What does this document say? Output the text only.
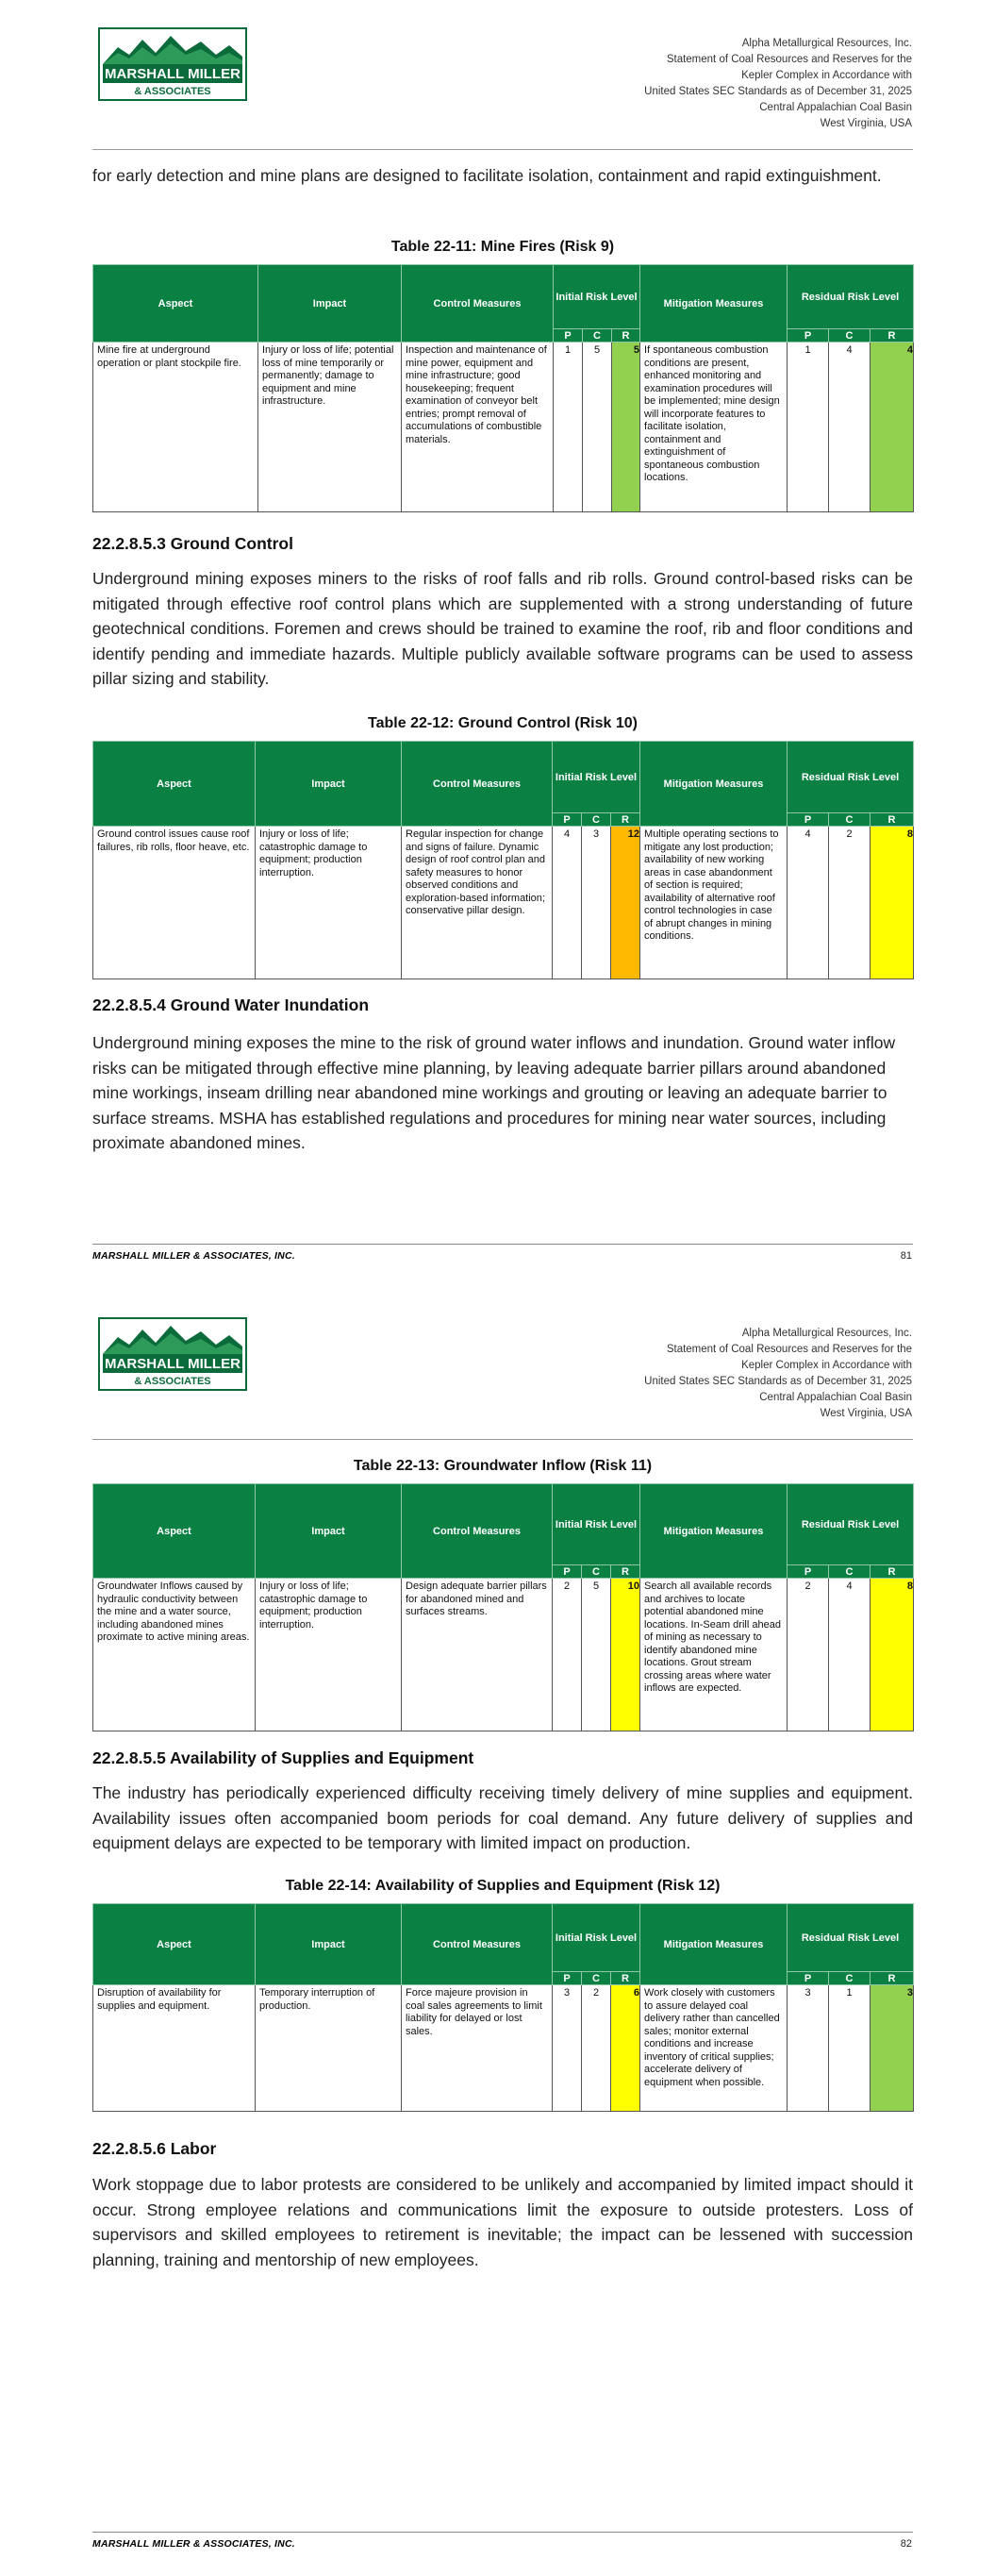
MARSHALL MILLER
& ASSOCIATES
Alpha Metallurgical Resources, Inc.
Statement of Coal Resources and Reserves for the
Kepler Complex in Accordance with
United States SEC Standards as of December 31, 2025
Central Appalachian Coal Basin
West Virginia, USA
for early detection and mine plans are designed to facilitate isolation, containment and rapid extinguishment.
Table 22-11: Mine Fires (Risk 9)
Aspect	Impact	Control Measures	Initial Risk Level			Mitigation Measures	Residual Risk Level		
			P	C	R		P	C	R
Mine fire at underground operation or plant stockpile fire.	Injury or loss of life; potential loss of mine temporarily or permanently; damage to equipment and mine infrastructure.	Inspection and maintenance of mine power, equipment and mine infrastructure; good housekeeping; frequent examination of conveyor belt entries; prompt removal of accumulations of combustible materials.	1	5	5	If spontaneous combustion conditions are present, enhanced monitoring and examination procedures will be implemented; mine design will incorporate features to facilitate isolation, containment and extinguishment of spontaneous combustion locations.	1	4	4
22.2.8.5.3 Ground Control
Underground mining exposes miners to the risks of roof falls and rib rolls. Ground control-based risks can be mitigated through effective roof control plans which are supplemented with a strong understanding of future geotechnical conditions. Foremen and crews should be trained to examine the roof, rib and floor conditions and identify pending and immediate hazards. Multiple publicly available software programs can be used to assess pillar sizing and stability.
Table 22-12: Ground Control (Risk 10)
Aspect	Impact	Control Measures	Initial Risk Level			Mitigation Measures	Residual Risk Level		
			P	C	R		P	C	R
Ground control issues cause roof failures, rib rolls, floor heave, etc.	Injury or loss of life; catastrophic damage to equipment; production interruption.	Regular inspection for change and signs of failure. Dynamic design of roof control plan and safety measures to honor observed conditions and exploration-based information; conservative pillar design.	4	3	12	Multiple operating sections to mitigate any lost production; availability of new working areas in case abandonment of section is required; availability of alternative roof control technologies in case of abrupt changes in mining conditions.	4	2	8
22.2.8.5.4 Ground Water Inundation
Underground mining exposes the mine to the risk of ground water inflows and inundation. Ground water inflow risks can be mitigated through effective mine planning, by leaving adequate barrier pillars around abandoned mine workings, inseam drilling near abandoned mine workings and grouting or leaving an adequate barrier to surface streams. MSHA has established regulations and procedures for mining near water sources, including proximate abandoned mines.
MARSHALL MILLER & ASSOCIATES, INC.	81
MARSHALL MILLER
& ASSOCIATES
Alpha Metallurgical Resources, Inc.
Statement of Coal Resources and Reserves for the
Kepler Complex in Accordance with
United States SEC Standards as of December 31, 2025
Central Appalachian Coal Basin
West Virginia, USA
Table 22-13: Groundwater Inflow (Risk 11)
Aspect	Impact	Control Measures	Initial Risk Level			Mitigation Measures	Residual Risk Level		
			P	C	R		P	C	R
Groundwater Inflows caused by hydraulic conductivity between the mine and a water source, including abandoned mines proximate to active mining areas.	Injury or loss of life; catastrophic damage to equipment; production interruption.	Design adequate barrier pillars for abandoned mined and surfaces streams.	2	5	10	Search all available records and archives to locate potential abandoned mine locations. In-Seam drill ahead of mining as necessary to identify abandoned mine locations. Grout stream crossing areas where water inflows are expected.	2	4	8
22.2.8.5.5 Availability of Supplies and Equipment
The industry has periodically experienced difficulty receiving timely delivery of mine supplies and equipment. Availability issues often accompanied boom periods for coal demand. Any future delivery of supplies and equipment delays are expected to be temporary with limited impact on production.
Table 22-14: Availability of Supplies and Equipment (Risk 12)
Aspect	Impact	Control Measures	Initial Risk Level			Mitigation Measures	Residual Risk Level		
			P	C	R		P	C	R
Disruption of availability for supplies and equipment.	Temporary interruption of production.	Force majeure provision in coal sales agreements to limit liability for delayed or lost sales.	3	2	6	Work closely with customers to assure delayed coal delivery rather than cancelled sales; monitor external conditions and increase inventory of critical supplies; accelerate delivery of equipment when possible.	3	1	3
22.2.8.5.6 Labor
Work stoppage due to labor protests are considered to be unlikely and accompanied by limited impact should it occur. Strong employee relations and communications limit the exposure to outside protesters. Loss of supervisors and skilled employees to retirement is inevitable; the impact can be lessened with succession planning, training and mentorship of new employees.
MARSHALL MILLER & ASSOCIATES, INC.	82
